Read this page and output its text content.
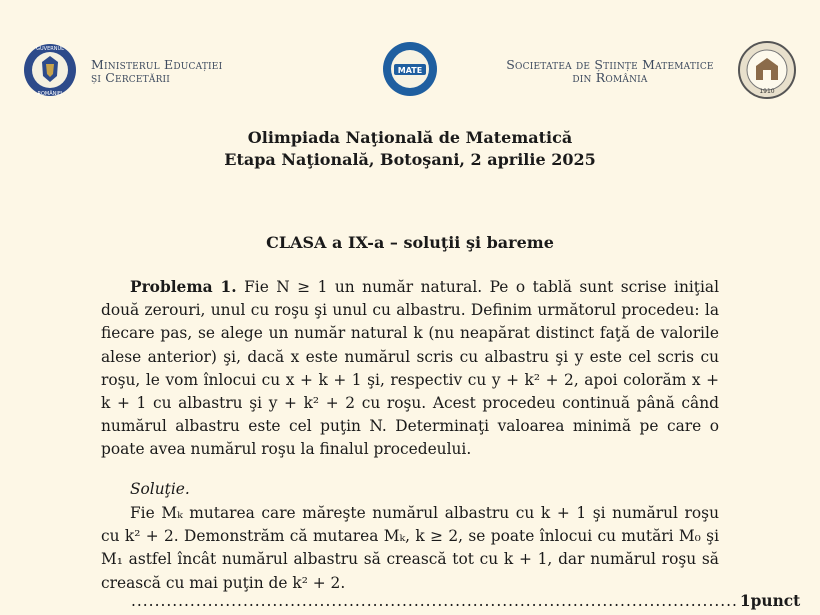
GUVERNUL
ROMÂNIEI
Ministerul Educației
și Cercetării	MATE	Societatea de Științe Matematice
din România
1910
Olimpiada Naţională de Matematică
Etapa Naţională, Botoşani, 2 aprilie 2025
CLASA a IX-a – soluţii şi bareme

Problema 1. Fie N ≥ 1 un număr natural. Pe o tablă sunt scrise iniţial două zerouri, unul cu roşu şi unul cu albastru. Definim următorul procedeu: la fiecare pas, se alege un număr natural k (nu neapărat distinct faţă de valorile alese anterior) şi, dacă x este numărul scris cu albastru şi y este cel scris cu roşu, le vom înlocui cu x + k + 1 şi, respectiv cu y + k² + 2, apoi colorăm x + k + 1 cu albastru şi y + k² + 2 cu roşu. Acest procedeu continuă până când numărul albastru este cel puţin N. Determinaţi valoarea minimă pe care o poate avea numărul roşu la finalul procedeului.

Soluţie.

Fie Mₖ mutarea care măreşte numărul albastru cu k + 1 şi numărul roşu cu k² + 2. Demonstrăm că mutarea Mₖ, k ≥ 2, se poate înlocui cu mutări M₀ şi M₁ astfel încât numărul albastru să crească tot cu k + 1, dar numărul roşu să crească cu mai puţin de k² + 2.

....................................................................................................... 1punct
